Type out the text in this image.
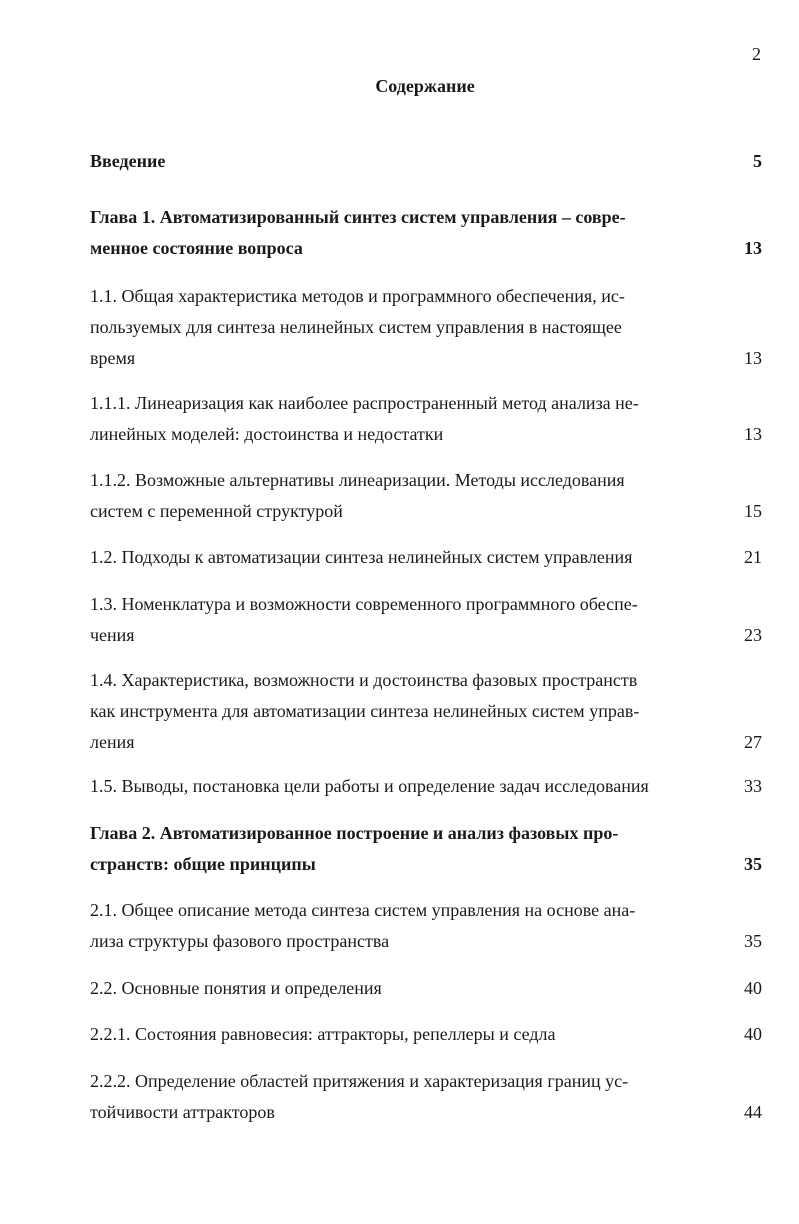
2
Содержание
Введение	5
Глава 1. Автоматизированный синтез систем управления – совре-
менное состояние вопроса	13
1.1. Общая характеристика методов и программного обеспечения, ис-
пользуемых для синтеза нелинейных систем управления в настоящее
время	13
1.1.1. Линеаризация как наиболее распространенный метод анализа не-
линейных моделей: достоинства и недостатки	13
1.1.2. Возможные альтернативы линеаризации. Методы исследования
систем с переменной структурой	15
1.2. Подходы к автоматизации синтеза нелинейных систем управления	21
1.3. Номенклатура и возможности современного программного обеспе-
чения	23
1.4. Характеристика, возможности и достоинства фазовых пространств
как инструмента для автоматизации синтеза нелинейных систем управ-
ления	27
1.5. Выводы, постановка цели работы и определение задач исследования	33
Глава 2. Автоматизированное построение и анализ фазовых про-
странств: общие принципы	35
2.1. Общее описание метода синтеза систем управления на основе ана-
лиза структуры фазового пространства	35
2.2. Основные понятия и определения	40
2.2.1. Состояния равновесия: аттракторы, репеллеры и седла	40
2.2.2. Определение областей притяжения и характеризация границ ус-
тойчивости аттракторов	44
